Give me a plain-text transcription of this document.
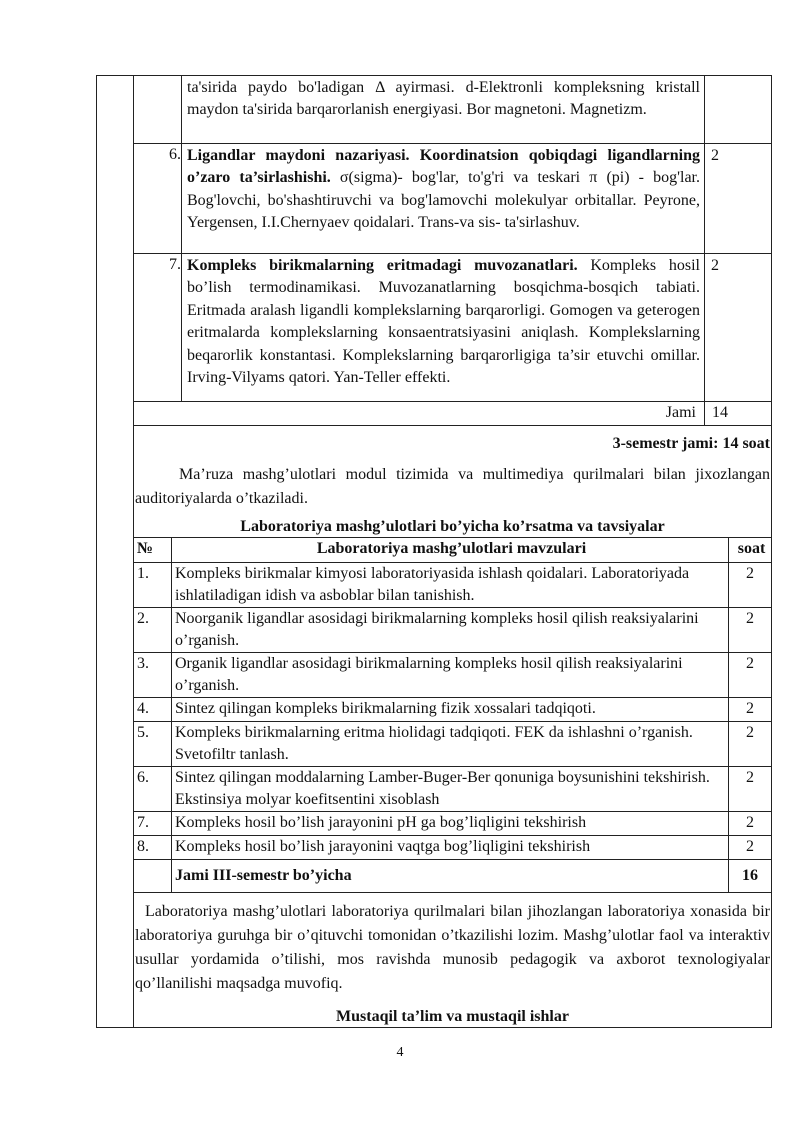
ta'sirida paydo bo'ladigan Δ ayirmasi. d-Elektronli kompleksning kristall maydon ta'sirida barqarorlanish energiyasi. Bor magnetoni. Magnetizm.
6. Ligandlar maydoni nazariyasi. Koordinatsion qobiqdagi ligandlarning o’zaro ta’sirlashishi. σ(sigma)- bog'lar, to'g'ri va teskari π (pi) - bog'lar. Bog'lovchi, bo'shashtiruvchi va bog'lamovchi molekulyar orbitallar. Peyrone, Yergensen, I.I.Chernyaev qoidalari. Trans-va sis- ta'sirlashuv.
2
7. Kompleks birikmalarning eritmadagi muvozanatlari. Kompleks hosil bo’lish termodinamikasi. Muvozanatlarning bosqichma-bosqich tabiati. Eritmada aralash ligandli komplekslarning barqarorligi. Gomogen va geterogen eritmalarda komplekslarning konsaentratsiyasini aniqlash. Komplekslarning beqarorlik konstantasi. Komplekslarning barqarorligiga ta’sir etuvchi omillar. Irving-Vilyams qatori. Yan-Teller effekti.
2
Jami 14
3-semestr jami: 14 soat
Ma’ruza mashg’ulotlari modul tizimida va multimediya qurilmalari bilan jixozlangan auditoriyalarda o’tkaziladi.
Laboratoriya mashg’ulotlari bo’yicha ko’rsatma va tavsiyalar
№	Laboratoriya mashg’ulotlari mavzulari	soat
1.	Kompleks birikmalar kimyosi laboratoriyasida ishlash qoidalari. Laboratoriyada ishlatiladigan idish va asboblar bilan tanishish.	2
2.	Noorganik ligandlar asosidagi birikmalarning kompleks hosil qilish reaksiyalarini o’rganish.	2
3.	Organik ligandlar asosidagi birikmalarning kompleks hosil qilish reaksiyalarini o’rganish.	2
4.	Sintez qilingan kompleks birikmalarning fizik xossalari tadqiqoti.	2
5.	Kompleks birikmalarning eritma hiolidagi tadqiqoti. FEK da ishlashni o’rganish. Svetofiltr tanlash.	2
6.	Sintez qilingan moddalarning Lamber-Buger-Ber qonuniga boysunishini tekshirish. Ekstinsiya molyar koefitsentini xisoblash	2
7.	Kompleks hosil bo’lish jarayonini pH ga bog’liqligini tekshirish	2
8.	Kompleks hosil bo’lish jarayonini vaqtga bog’liqligini tekshirish	2
	Jami III-semestr bo’yicha	16
Laboratoriya mashg’ulotlari laboratoriya qurilmalari bilan jihozlangan laboratoriya xonasida bir laboratoriya guruhga bir o’qituvchi tomonidan o’tkazilishi lozim. Mashg’ulotlar faol va interaktiv usullar yordamida o’tilishi, mos ravishda munosib pedagogik va axborot texnologiyalar qo’llanilishi maqsadga muvofiq.
Mustaqil ta’lim va mustaqil ishlar
4
